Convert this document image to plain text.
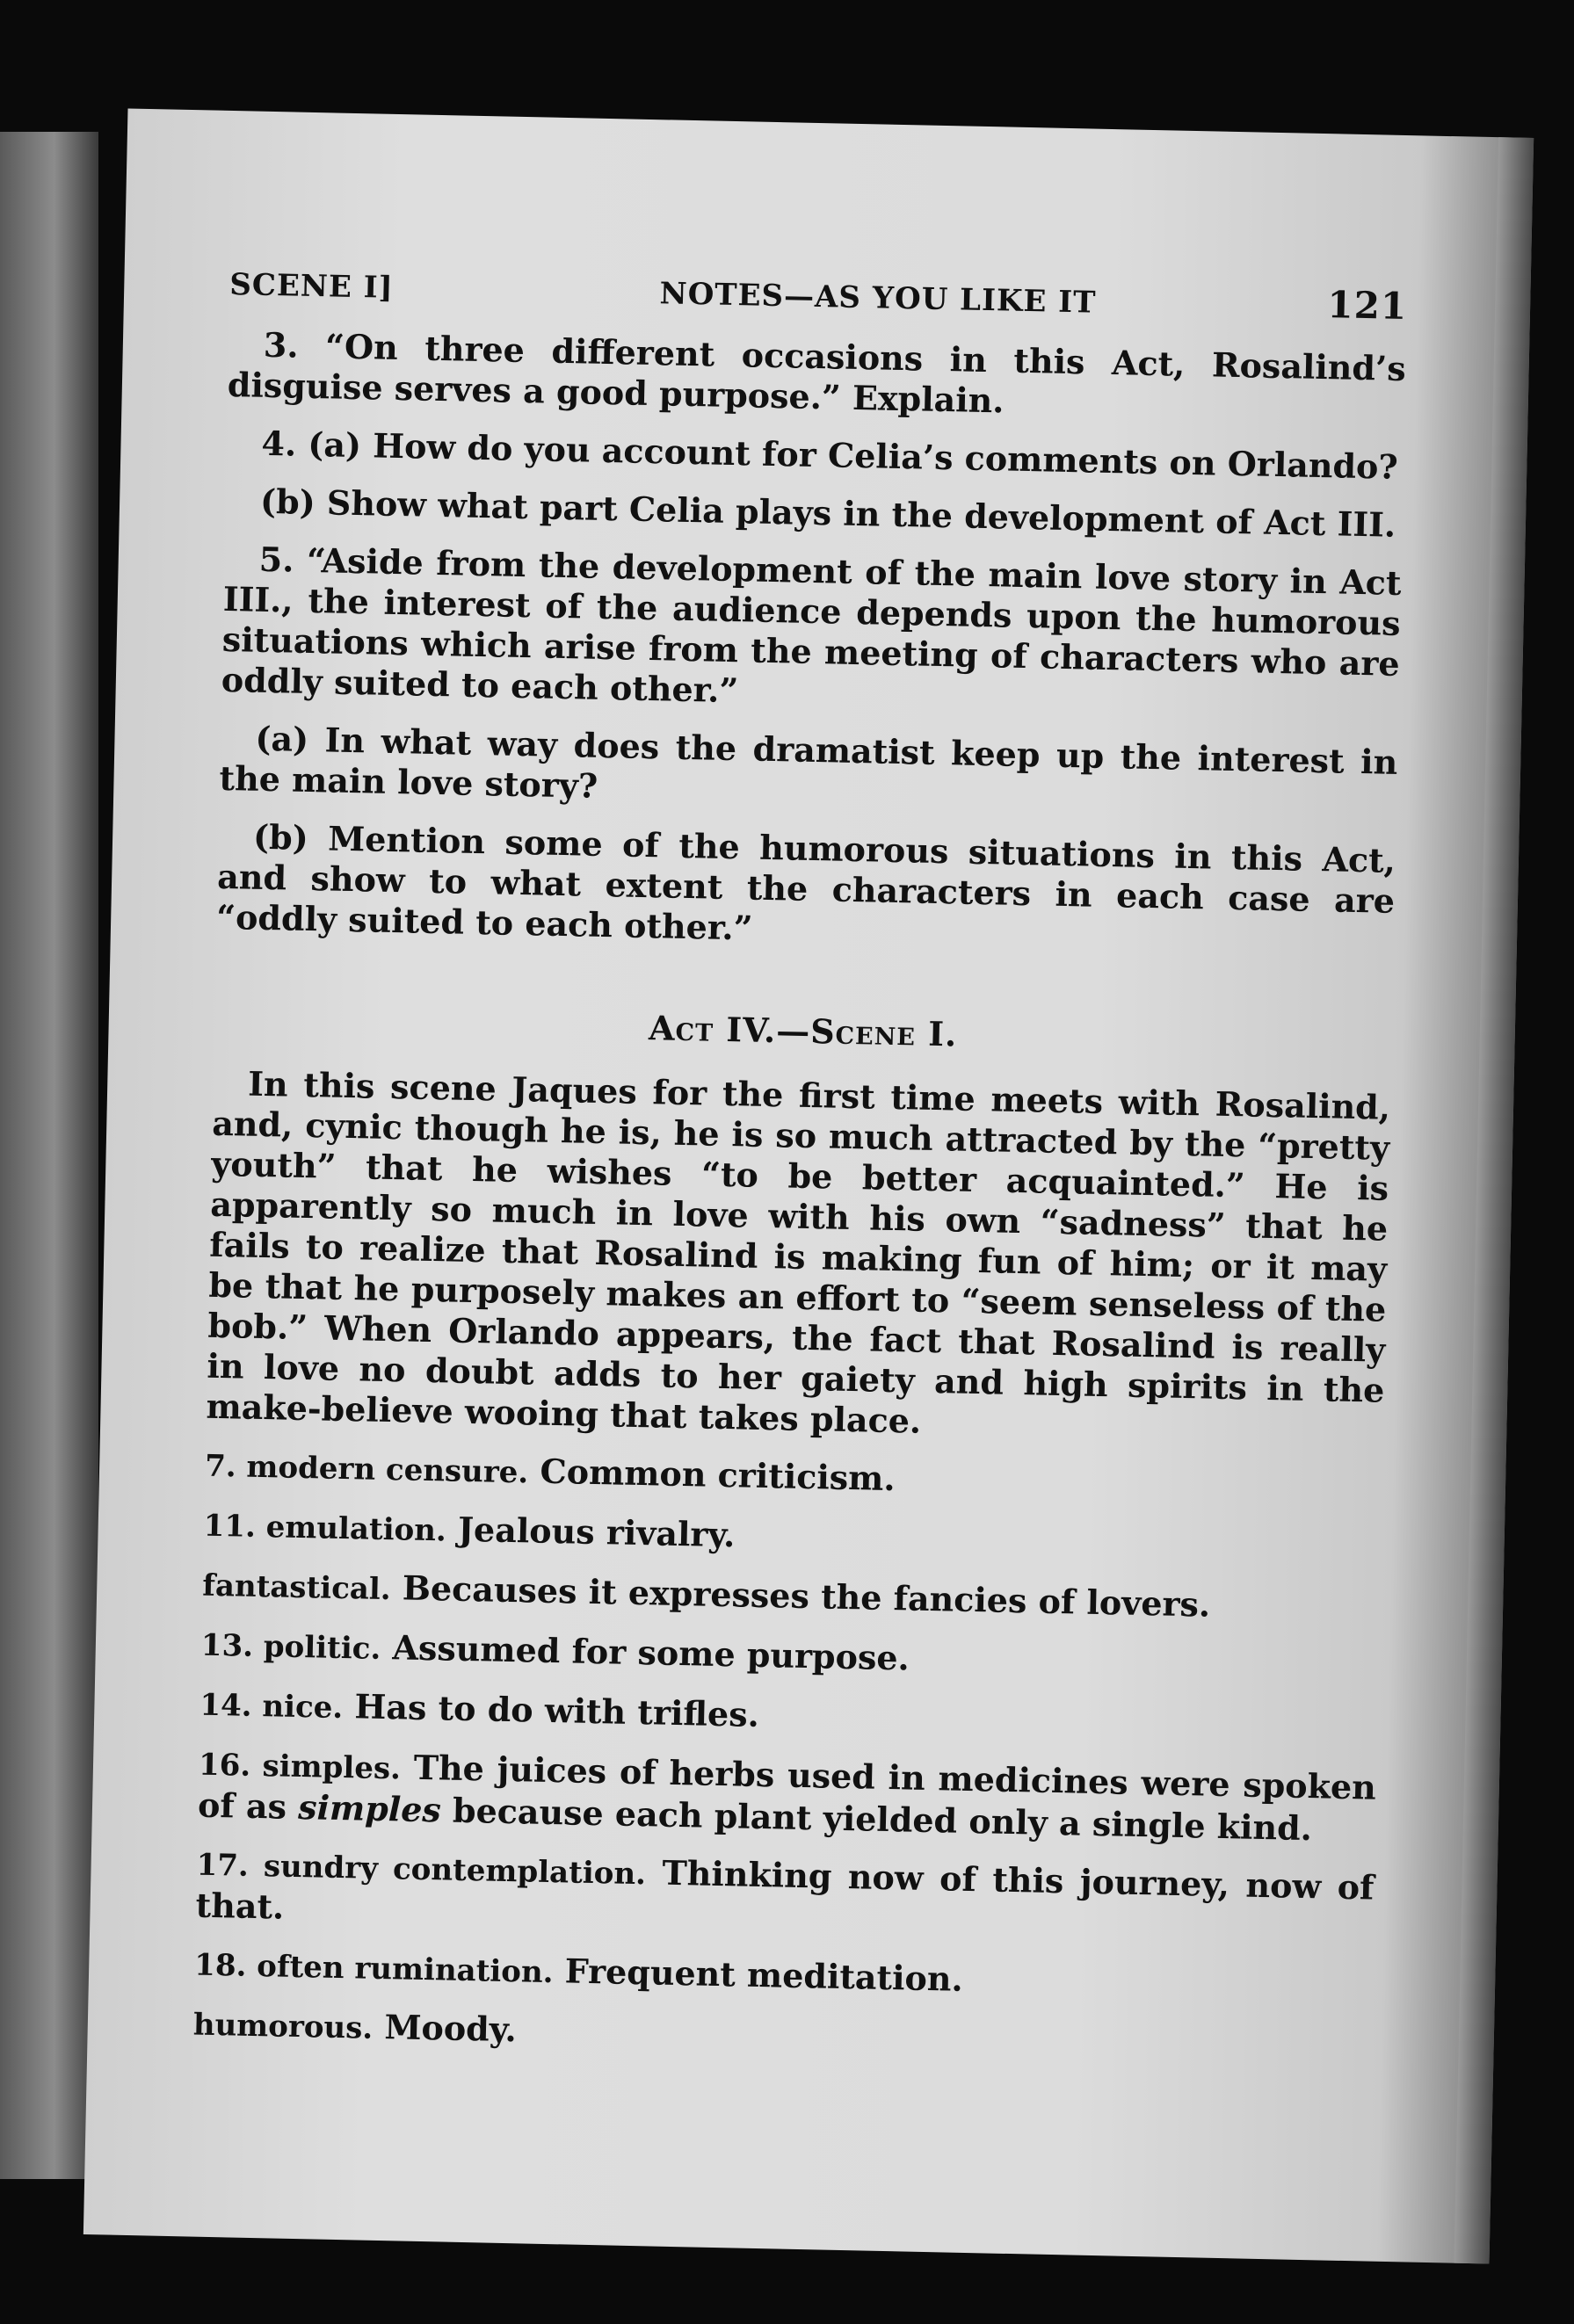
SCENE I]	NOTES—AS YOU LIKE IT	121

3. “On three different occasions in this Act, Rosalind’s disguise serves a good purpose.” Explain.

4. (a) How do you account for Celia’s comments on Orlando?

(b) Show what part Celia plays in the development of Act III.

5. “Aside from the development of the main love story in Act III., the interest of the audience depends upon the humorous situations which arise from the meeting of characters who are oddly suited to each other.”

(a) In what way does the dramatist keep up the interest in the main love story?

(b) Mention some of the humorous situations in this Act, and show to what extent the characters in each case are “oddly suited to each other.”

Act IV.—Scene I.

In this scene Jaques for the first time meets with Rosalind, and, cynic though he is, he is so much attracted by the “pretty youth” that he wishes “to be better acquainted.” He is apparently so much in love with his own “sadness” that he fails to realize that Rosalind is making fun of him; or it may be that he purposely makes an effort to “seem senseless of the bob.” When Orlando appears, the fact that Rosalind is really in love no doubt adds to her gaiety and high spirits in the make-believe wooing that takes place.

7. modern censure. Common criticism.
11. emulation. Jealous rivalry.
fantastical. Becauses it expresses the fancies of lovers.
13. politic. Assumed for some purpose.
14. nice. Has to do with trifles.
16. simples. The juices of herbs used in medicines were spoken of as simples because each plant yielded only a single kind.
17. sundry contemplation. Thinking now of this journey, now of that.
18. often rumination. Frequent meditation.
humorous. Moody.
